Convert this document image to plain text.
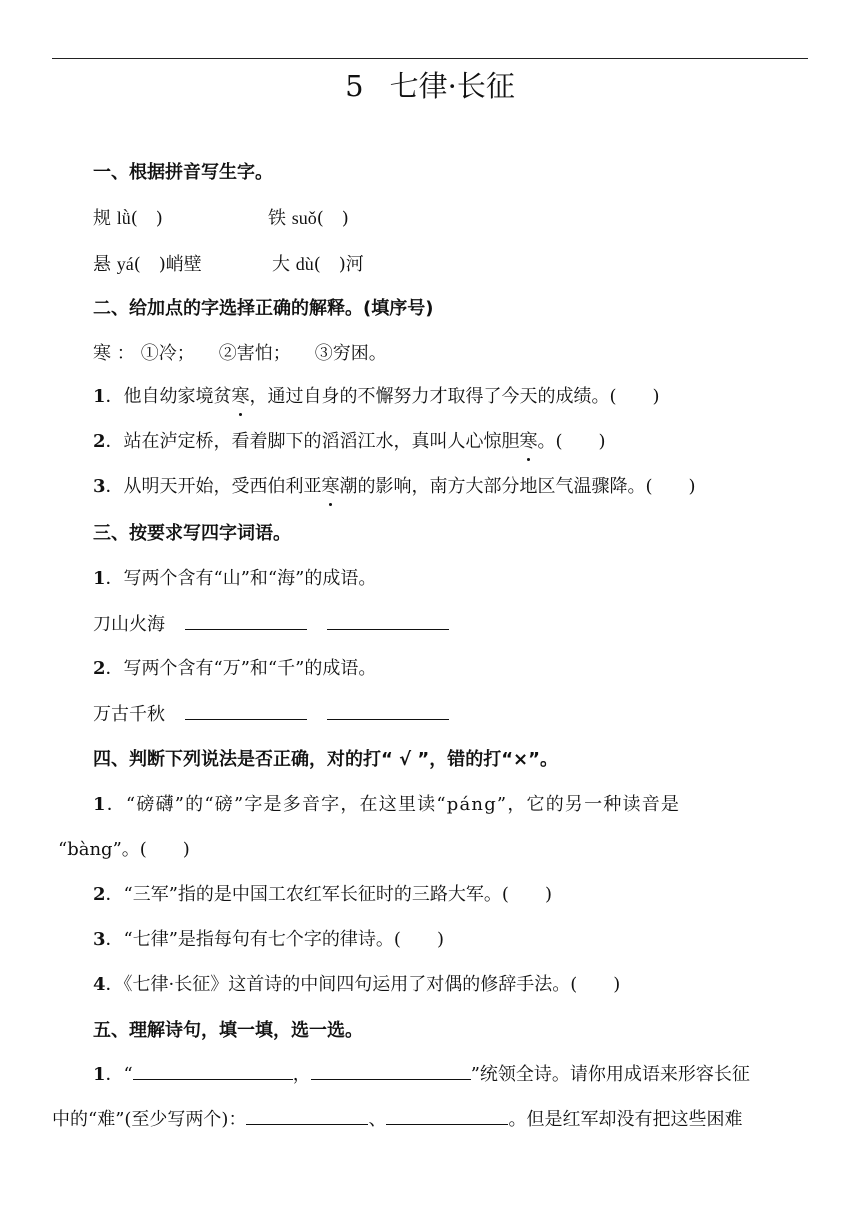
5 七律·长征
一、根据拼音写生字。
规 lǜ(　)	铁 suǒ(　)
悬 yá(　)峭壁	大 dù(　)河
二、给加点的字选择正确的解释。(填序号)
寒 ： ①冷； ②害怕； ③穷困。
1．他自幼家境贫寒，通过自身的不懈努力才取得了今天的成绩。(　　)
2．站在泸定桥，看着脚下的滔滔江水，真叫人心惊胆寒。(　　)
3．从明天开始，受西伯利亚寒潮的影响，南方大部分地区气温骤降。(　　)
三、按要求写四字词语。
1．写两个含有“山”和“海”的成语。
刀山火海
2．写两个含有“万”和“千”的成语。
万古千秋
四、判断下列说法是否正确，对的打“ √ ”，错的打“×”。
1．“磅礴”的“磅”字是多音字，在这里读“páng”，它的另一种读音是
“bàng”。(　　)
2．“三军”指的是中国工农红军长征时的三路大军。(　　)
3．“七律”是指每句有七个字的律诗。(　　)
4．《七律·长征》这首诗的中间四句运用了对偶的修辞手法。(　　)
五、理解诗句，填一填，选一选。
1．“	，	”统领全诗。请你用成语来形容长征
中的“难”(至少写两个)：	、	。但是红军却没有把这些困难
